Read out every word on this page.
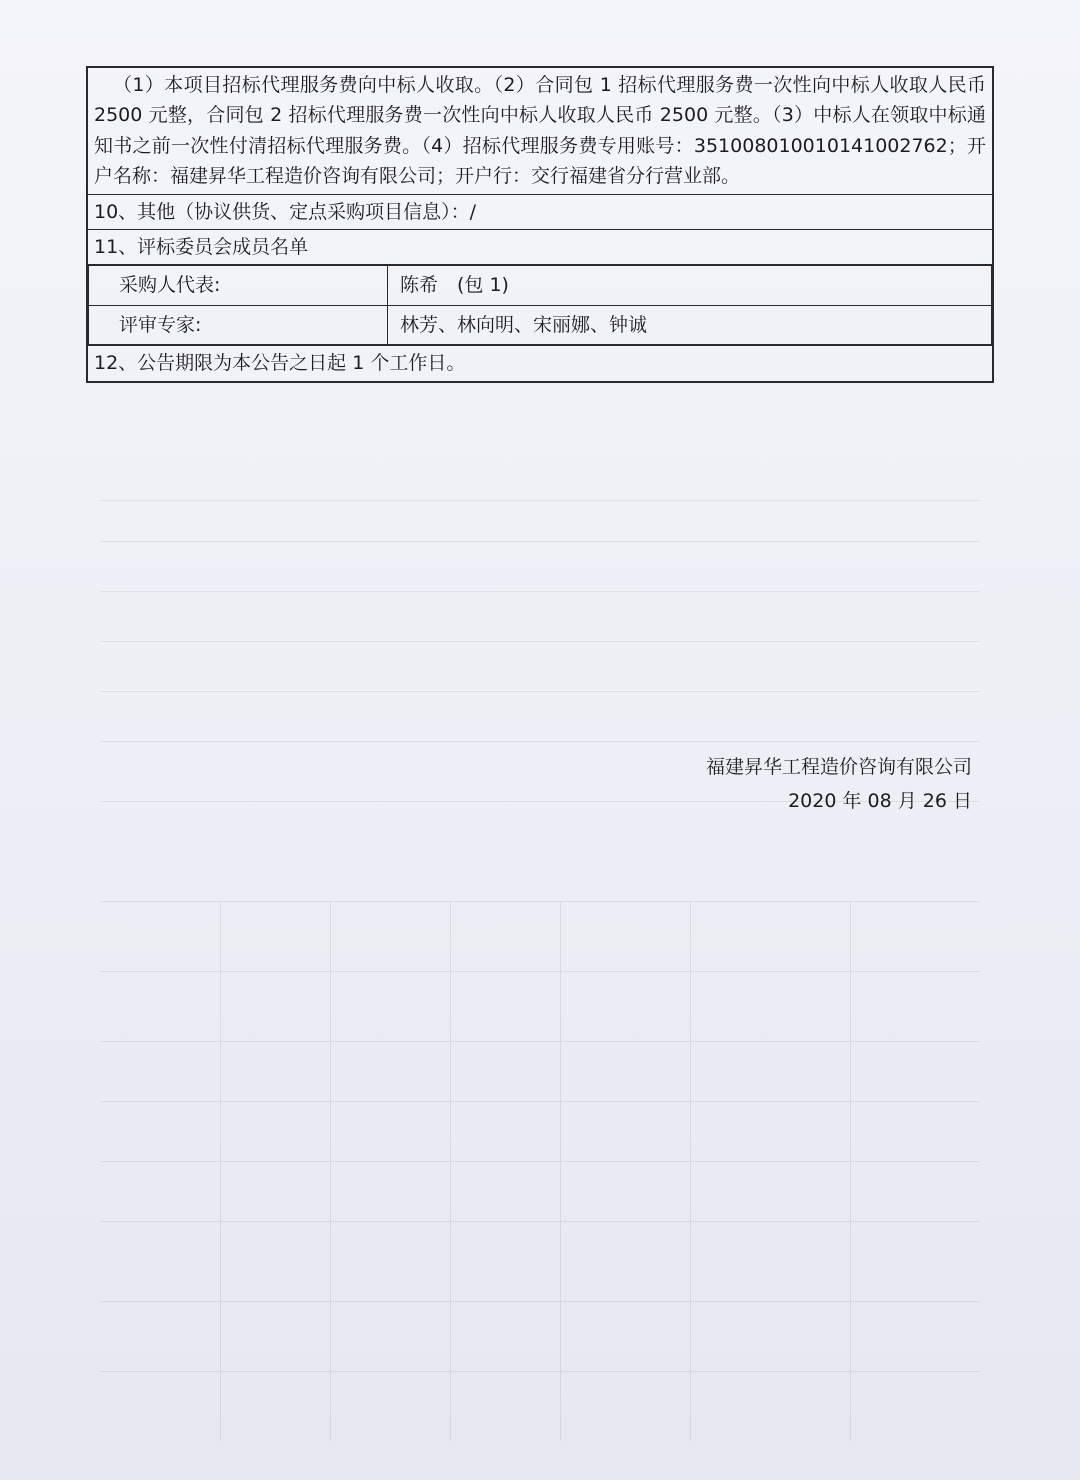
（1）本项目招标代理服务费向中标人收取。（2）合同包 1 招标代理服务费一次性向中标人收取人民币 2500 元整，合同包 2 招标代理服务费一次性向中标人收取人民币 2500 元整。（3）中标人在领取中标通知书之前一次性付清招标代理服务费。（4）招标代理服务费专用账号：35100801001014100276​2；开户名称：福建昇华工程造价咨询有限公司；开户行：交行福建省分行营业部。

10、其他（协议供货、定点采购项目信息）：/
11、评标委员会成员名单

采购人代表:	陈希　(包 1)
评审专家:	林芳、林向明、宋丽娜、钟诚

12、公告期限为本公告之日起 1 个工作日。
福建昇华工程造价咨询有限公司
2020 年 08 月 26 日
